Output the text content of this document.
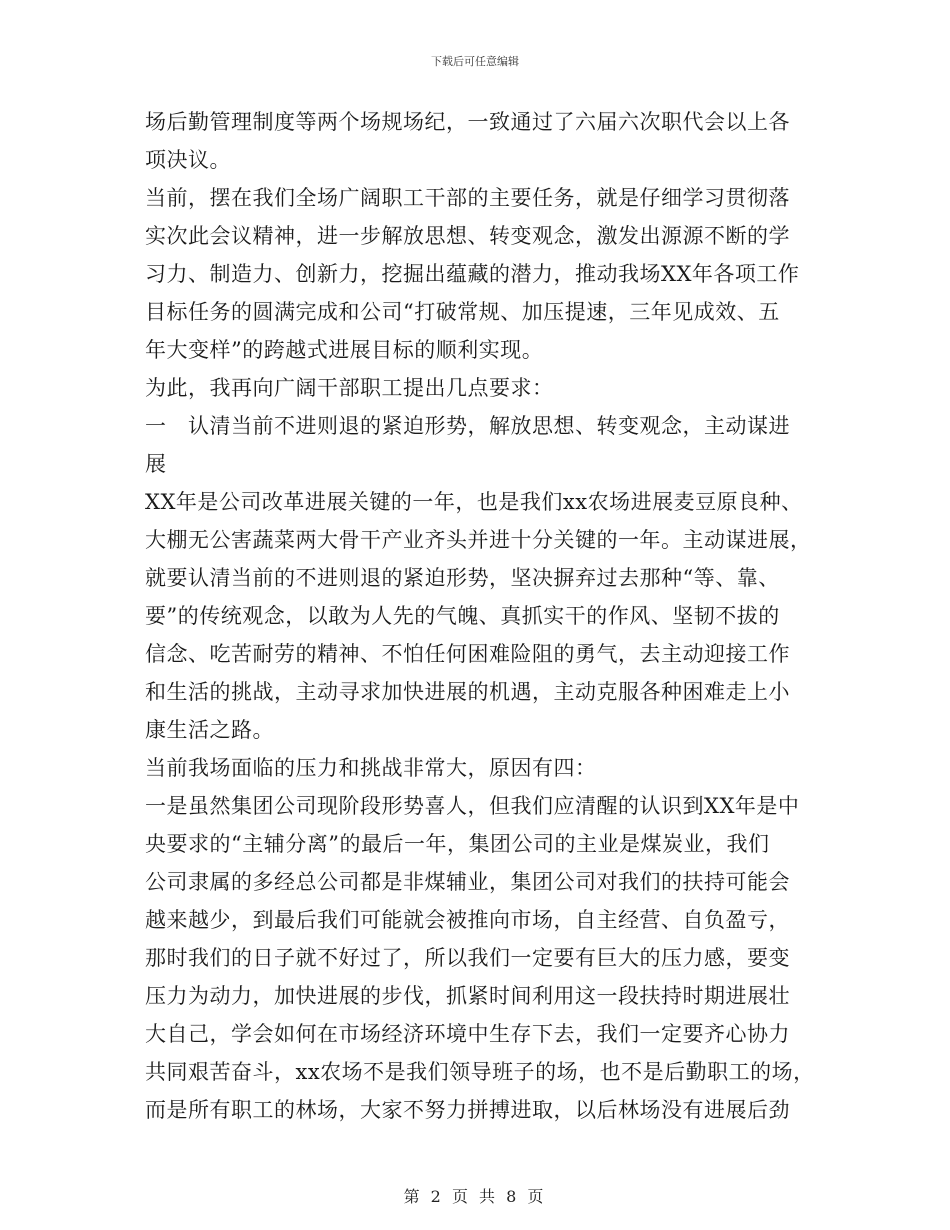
下载后可任意编辑
场后勤管理制度等两个场规场纪，一致通过了六届六次职代会以上各
项决议。
当前，摆在我们全场广阔职工干部的主要任务，就是仔细学习贯彻落
实次此会议精神，进一步解放思想、转变观念，激发出源源不断的学
习力、制造力、创新力，挖掘出蕴藏的潜力，推动我场XX年各项工作
目标任务的圆满完成和公司“打破常规、加压提速，三年见成效、五
年大变样”的跨越式进展目标的顺利实现。
为此，我再向广阔干部职工提出几点要求：
一　认清当前不进则退的紧迫形势，解放思想、转变观念，主动谋进
展
XX年是公司改革进展关键的一年，也是我们xx农场进展麦豆原良种、
大棚无公害蔬菜两大骨干产业齐头并进十分关键的一年。主动谋进展，
就要认清当前的不进则退的紧迫形势，坚决摒弃过去那种“等、靠、
要”的传统观念，以敢为人先的气魄、真抓实干的作风、坚韧不拔的
信念、吃苦耐劳的精神、不怕任何困难险阻的勇气，去主动迎接工作
和生活的挑战，主动寻求加快进展的机遇，主动克服各种困难走上小
康生活之路。
当前我场面临的压力和挑战非常大，原因有四：
一是虽然集团公司现阶段形势喜人，但我们应清醒的认识到XX年是中
央要求的“主辅分离”的最后一年，集团公司的主业是煤炭业，我们
公司隶属的多经总公司都是非煤辅业，集团公司对我们的扶持可能会
越来越少，到最后我们可能就会被推向市场，自主经营、自负盈亏，
那时我们的日子就不好过了，所以我们一定要有巨大的压力感，要变
压力为动力，加快进展的步伐，抓紧时间利用这一段扶持时期进展壮
大自己，学会如何在市场经济环境中生存下去，我们一定要齐心协力
共同艰苦奋斗，xx农场不是我们领导班子的场，也不是后勤职工的场，
而是所有职工的林场，大家不努力拼搏进取，以后林场没有进展后劲
第 2 页 共 8 页
